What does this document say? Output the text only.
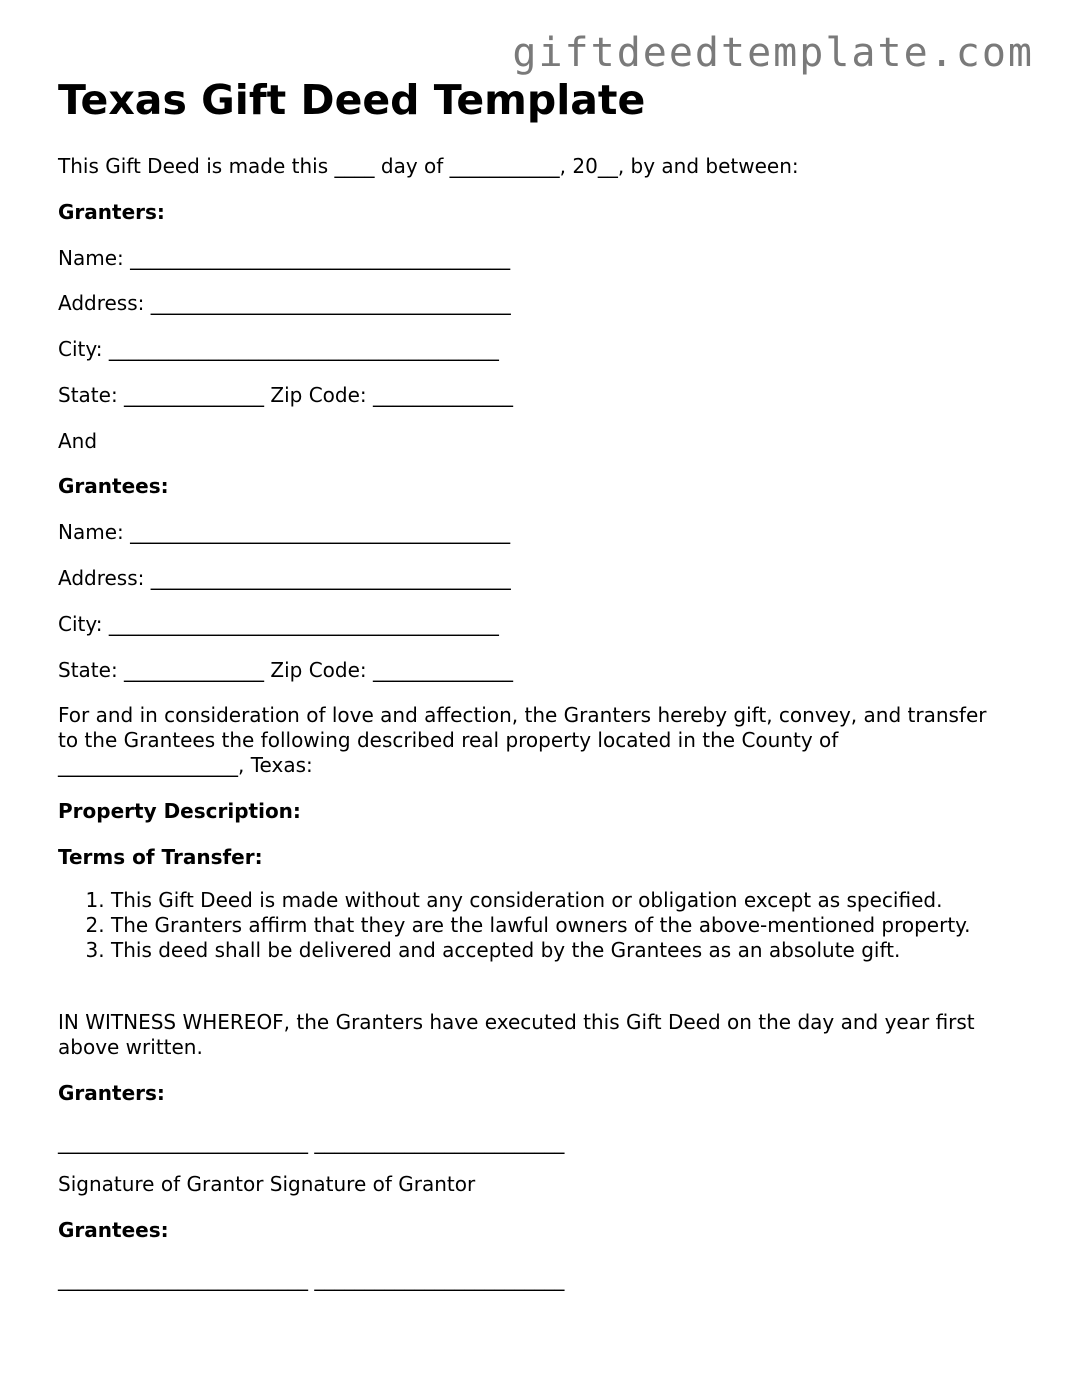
giftdeedtemplate.com
Texas Gift Deed Template

This Gift Deed is made this ____ day of ___________, 20__, by and between:

Granters:

Name: ______________________________________

Address: ____________________________________

City: _______________________________________

State: ______________ Zip Code: ______________

And

Grantees:

Name: ______________________________________

Address: ____________________________________

City: _______________________________________

State: ______________ Zip Code: ______________

For and in consideration of love and affection, the Granters hereby gift, convey, and transfer to the Grantees the following described real property located in the County of __________________, Texas:

Property Description:

Terms of Transfer:

1. This Gift Deed is made without any consideration or obligation except as specified.
2. The Granters affirm that they are the lawful owners of the above-mentioned property.
3. This deed shall be delivered and accepted by the Grantees as an absolute gift.

IN WITNESS WHEREOF, the Granters have executed this Gift Deed on the day and year first above written.

Granters:

_________________________ _________________________

Signature of Grantor Signature of Grantor

Grantees:

_________________________ _________________________
